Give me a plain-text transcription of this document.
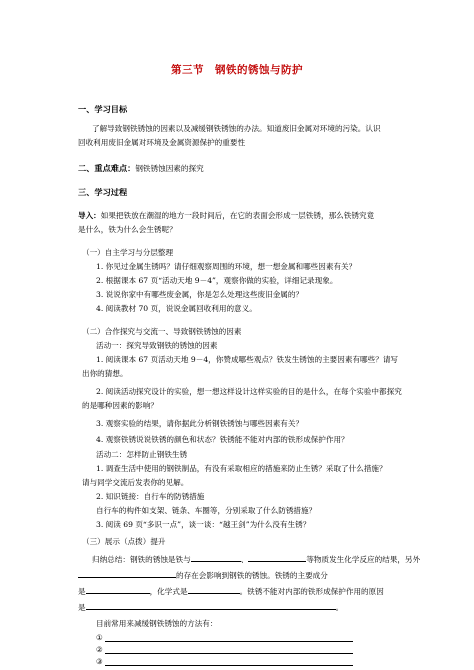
第三节　钢铁的锈蚀与防护
一、学习目标
了解导致钢铁锈蚀的因素以及减缓钢铁锈蚀的办法。知道废旧金属对环境的污染。认识
回收利用废旧金属对环境及金属资源保护的重要性
二、重点难点：钢铁锈蚀因素的探究
三、学习过程
导入：如果把铁放在潮湿的地方一段时间后，在它的表面会形成一层铁锈，那么铁锈究竟
是什么，铁为什么会生锈呢？
（一）自主学习与分层整理
1. 你见过金属生锈吗？请仔细观察周围的环境，想一想金属和哪些因素有关？
2. 根据课本 67 页“活动天地 9－4”，观察你做的实验，详细记录现象。
3. 说说你家中有哪些废金属，你是怎么处理这些废旧金属的？
4. 阅读教材 70 页，说说金属回收利用的意义。
（二）合作探究与交流一、导致钢铁锈蚀的因素
活动一：探究导致钢铁的锈蚀的因素
1. 阅读课本 67 页活动天地 9－4，你赞成哪些观点？铁发生锈蚀的主要因素有哪些？请写
出你的猜想。
2. 阅读活动探究设计的实验，想一想这样设计这样实验的目的是什么，在每个实验中都探究
的是哪种因素的影响？
3. 观察实验的结果，请你据此分析钢铁锈蚀与哪些因素有关？
4. 观察铁锈说说铁锈的颜色和状态？铁锈能不能对内部的铁形成保护作用？
活动二：怎样防止钢铁生锈
1. 调查生活中使用的钢铁制品，有没有采取相应的措施来防止生锈？采取了什么措施？
请与同学交流后发表你的见解。
2. 知识链接：自行车的防锈措施
自行车的构件如支架、链条、车圈等，分别采取了什么防锈措施？
3. 阅读 69 页“多识一点”，谈一谈：“越王剑”为什么没有生锈？
（三）展示（点拨）提升
归纳总结：钢铁的锈蚀是铁与	、	等物质发生化学反应的结果，另外
的存在会影响到钢铁的锈蚀。铁锈的主要成分
是	，化学式是	。铁锈不能对内部的铁形成保护作用的原因
是	。
目前常用来减缓钢铁锈蚀的方法有：
①
②
③
